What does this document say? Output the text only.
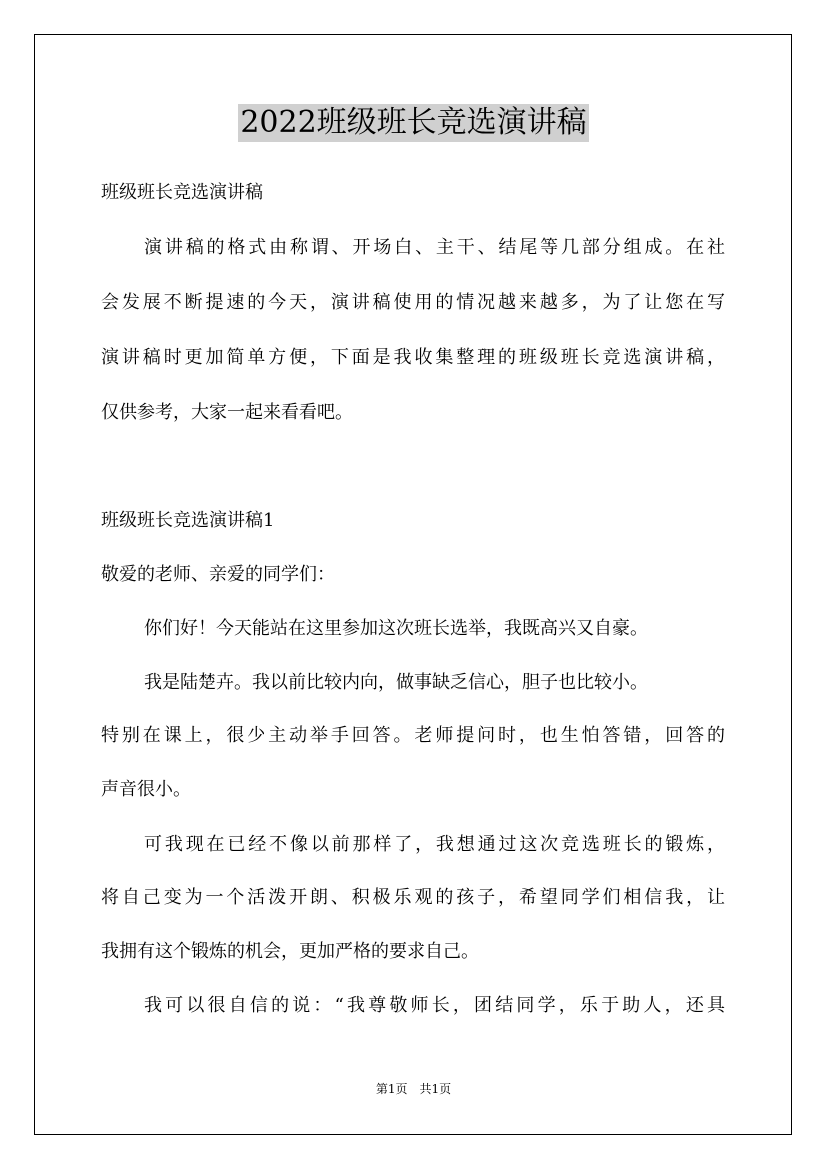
2022班级班长竞选演讲稿
班级班长竞选演讲稿
演讲稿的格式由称谓、开场白、主干、结尾等几部分组成。在社
会发展不断提速的今天，演讲稿使用的情况越来越多，为了让您在写
演讲稿时更加简单方便，下面是我收集整理的班级班长竞选演讲稿，
仅供参考，大家一起来看看吧。
班级班长竞选演讲稿1
敬爱的老师、亲爱的同学们：
你们好！今天能站在这里参加这次班长选举，我既高兴又自豪。
我是陆楚卉。我以前比较内向，做事缺乏信心，胆子也比较小。
特别在课上，很少主动举手回答。老师提问时，也生怕答错，回答的
声音很小。
可我现在已经不像以前那样了，我想通过这次竞选班长的锻炼，
将自己变为一个活泼开朗、积极乐观的孩子，希望同学们相信我，让
我拥有这个锻炼的机会，更加严格的要求自己。
我可以很自信的说：“我尊敬师长，团结同学，乐于助人，还具
第1页　共1页
